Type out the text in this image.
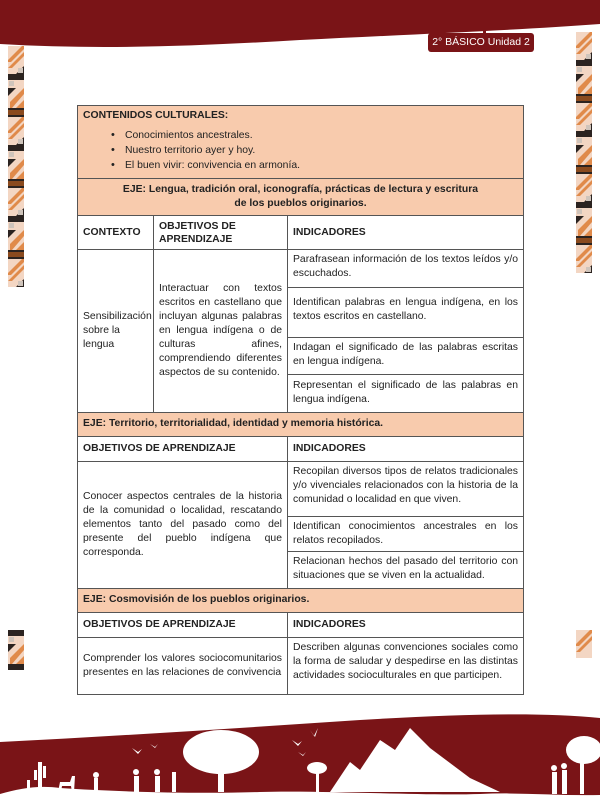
2° BÁSICO Unidad 2
CONTENIDOS CULTURALES:
• Conocimientos ancestrales.
• Nuestro territorio ayer y hoy.
• El buen vivir: convivencia en armonía.
EJE: Lengua, tradición oral, iconografía, prácticas de lectura y escritura de los pueblos originarios.
CONTEXTO
OBJETIVOS DE APRENDIZAJE
INDICADORES
Sensibilización sobre la lengua
Interactuar con textos escritos en castellano que incluyan algunas palabras en lengua indígena o de culturas afines, comprendiendo diferentes aspectos de su contenido.
Parafrasean información de los textos leídos y/o escuchados.
Identifican palabras en lengua indígena, en los textos escritos en castellano.
Indagan el significado de las palabras escritas en lengua indígena.
Representan el significado de las palabras en lengua indígena.
EJE: Territorio, territorialidad, identidad y memoria histórica.
OBJETIVOS DE APRENDIZAJE	INDICADORES
Conocer aspectos centrales de la historia de la comunidad o localidad, rescatando elementos tanto del pasado como del presente del pueblo indígena que corresponda.
Recopilan diversos tipos de relatos tradicionales y/o vivenciales relacionados con la historia de la comunidad o localidad en que viven.
Identifican conocimientos ancestrales en los relatos recopilados.
Relacionan hechos del pasado del territorio con situaciones que se viven en la actualidad.
EJE: Cosmovisión de los pueblos originarios.
OBJETIVOS DE APRENDIZAJE	INDICADORES
Comprender los valores sociocomunitarios presentes en las relaciones de convivencia
Describen algunas convenciones sociales como la forma de saludar y despedirse en las distintas actividades socioculturales en que participen.
